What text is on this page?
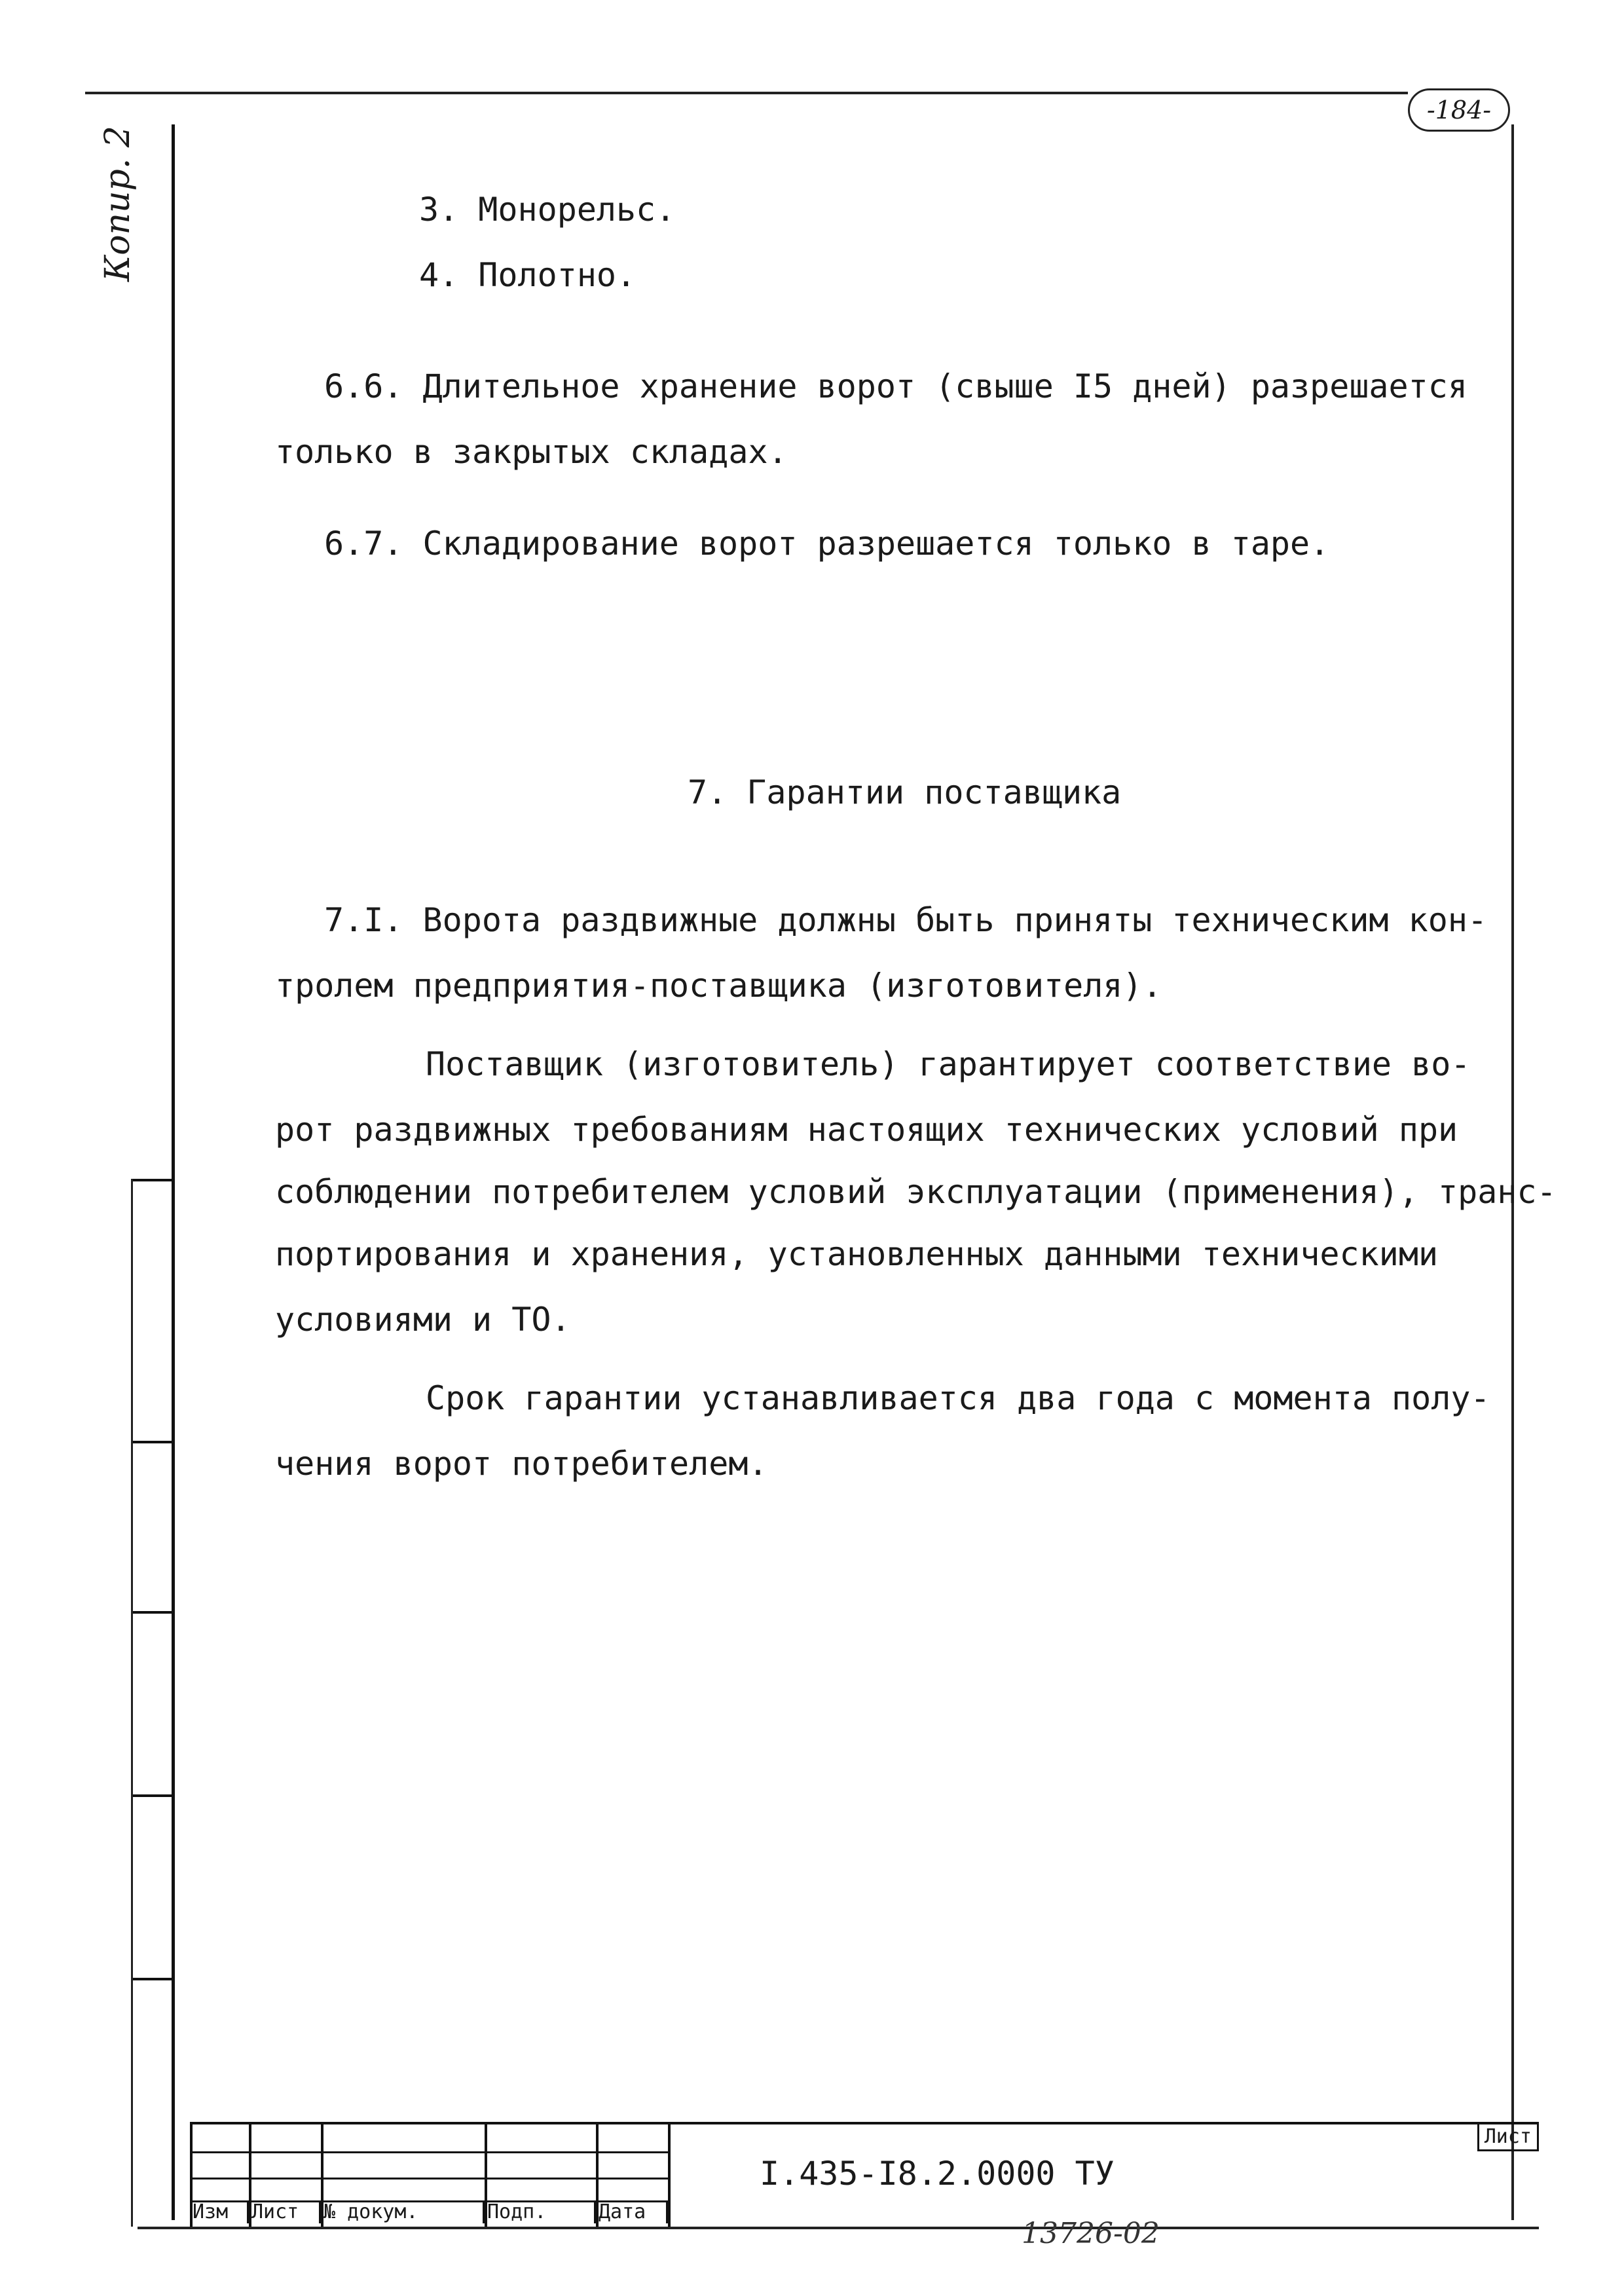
-184-
Копир. 2	3. Монорельс.
4. Полотно.
6.6. Длительное хранение ворот (свыше I5 дней) разрешается
только в закрытых складах.
6.7. Складирование ворот разрешается только в таре.
7. Гарантии поставщика
7.I. Ворота раздвижные должны быть приняты техническим кон-
тролем предприятия-поставщика (изготовителя).
Поставщик (изготовитель) гарантирует соответствие во-
рот раздвижных требованиям настоящих технических условий при
соблюдении потребителем условий эксплуатации (применения), транс-
портирования и хранения, установленных данными техническими
условиями и ТО.
Срок гарантии устанавливается два года с момента полу-
чения ворот потребителем.
Изм	Лист	№ докум.	Подп.	Дата
I.435-I8.2.0000 ТУ
Лист
13726-02
